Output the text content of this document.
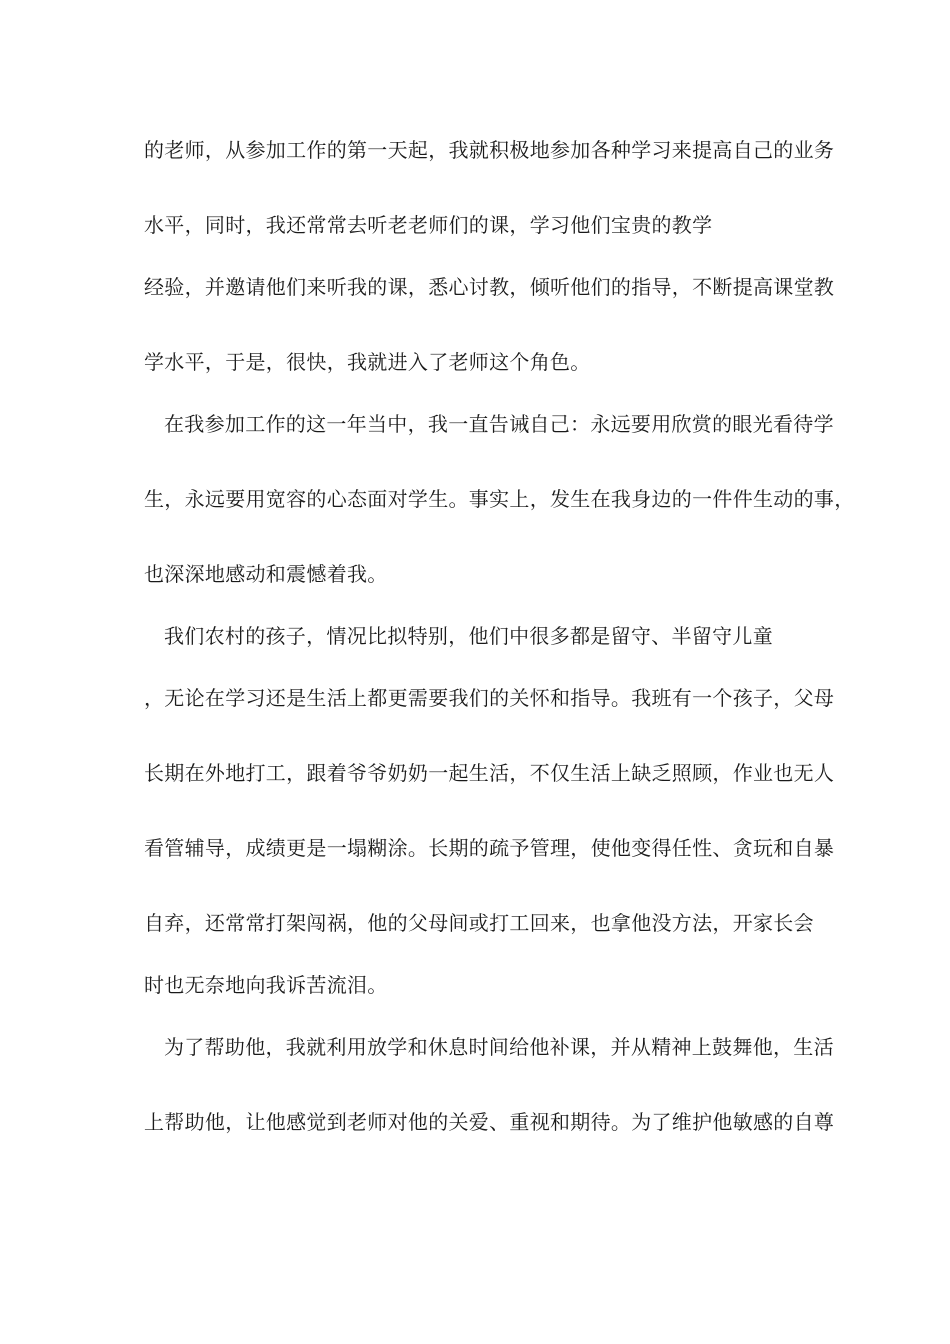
的老师，从参加工作的第一天起，我就积极地参加各种学习来提高自己的业务
水平，同时，我还常常去听老老师们的课，学习他们宝贵的教学
经验，并邀请他们来听我的课，悉心讨教，倾听他们的指导，不断提高课堂教
学水平，于是，很快，我就进入了老师这个角色。
在我参加工作的这一年当中，我一直告诫自己：永远要用欣赏的眼光看待学
生，永远要用宽容的心态面对学生。事实上，发生在我身边的一件件生动的事，
也深深地感动和震憾着我。
我们农村的孩子，情况比拟特别，他们中很多都是留守、半留守儿童
，无论在学习还是生活上都更需要我们的关怀和指导。我班有一个孩子，父母
长期在外地打工，跟着爷爷奶奶一起生活，不仅生活上缺乏照顾，作业也无人
看管辅导，成绩更是一塌糊涂。长期的疏予管理，使他变得任性、贪玩和自暴
自弃，还常常打架闯祸，他的父母间或打工回来，也拿他没方法，开家长会
时也无奈地向我诉苦流泪。
为了帮助他，我就利用放学和休息时间给他补课，并从精神上鼓舞他，生活
上帮助他，让他感觉到老师对他的关爱、重视和期待。为了维护他敏感的自尊
